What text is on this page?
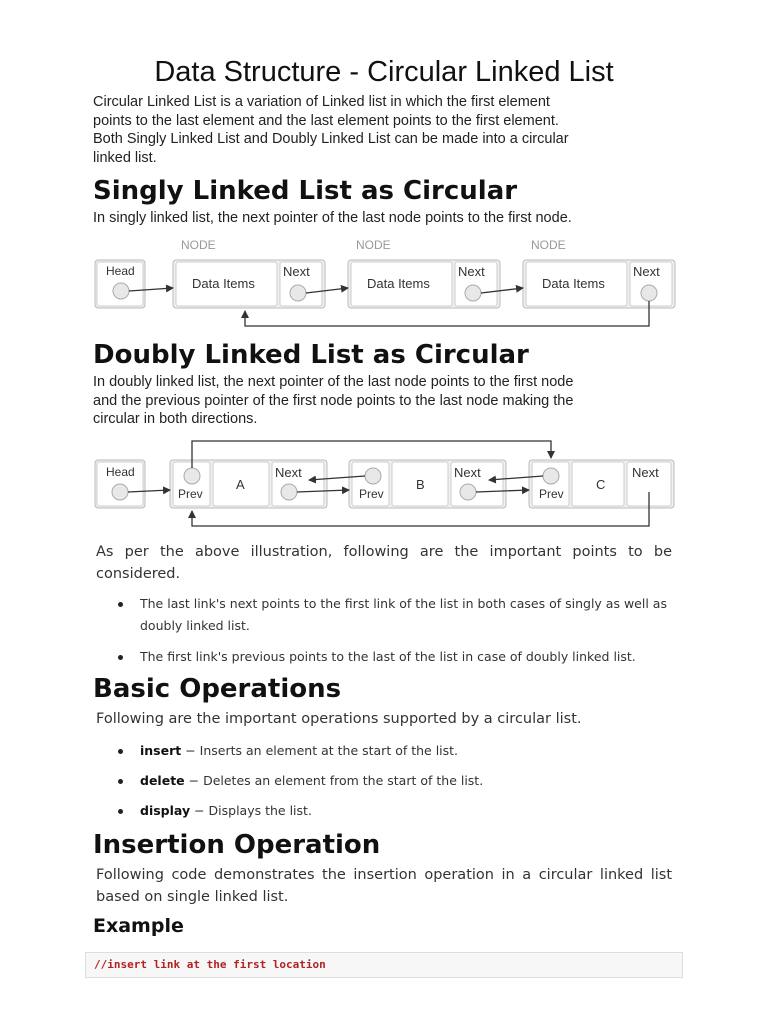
Data Structure - Circular Linked List
Circular Linked List is a variation of Linked list in which the first element
points to the last element and the last element points to the first element.
Both Singly Linked List and Doubly Linked List can be made into a circular
linked list.
Singly Linked List as Circular
In singly linked list, the next pointer of the last node points to the first node.
NODE	NODE	NODE
Head
Data Items
Next
Data Items
Next
Data Items
Next
Doubly Linked List as Circular
In doubly linked list, the next pointer of the last node points to the first node
and the previous pointer of the first node points to the last node making the
circular in both directions.
Head
Prev
A
Next
Prev
B
Next
Prev
C
Next
As per the above illustration, following are the important points to be considered.
The last link's next points to the first link of the list in both cases of singly as well as doubly linked list.
The first link's previous points to the last of the list in case of doubly linked list.
Basic Operations
Following are the important operations supported by a circular list.
insert − Inserts an element at the start of the list.
delete − Deletes an element from the start of the list.
display − Displays the list.
Insertion Operation
Following code demonstrates the insertion operation in a circular linked list based on single linked list.
Example
//insert link at the first location
